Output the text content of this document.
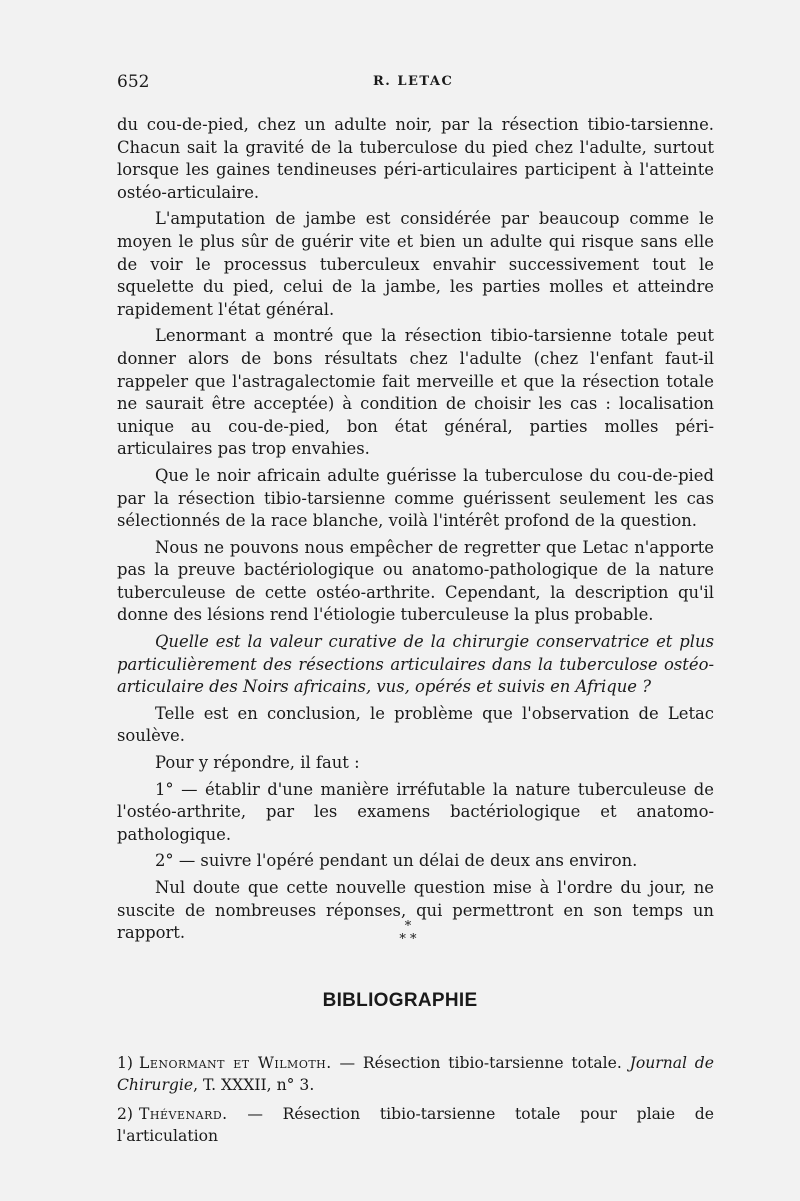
652	R. LETAC

du cou-de-pied, chez un adulte noir, par la résection tibio-tarsienne. Chacun sait la gravité de la tuberculose du pied chez l'adulte, surtout lorsque les gaines tendineuses péri-articulaires participent à l'atteinte ostéo-articulaire.

L'amputation de jambe est considérée par beaucoup comme le moyen le plus sûr de guérir vite et bien un adulte qui risque sans elle de voir le processus tuberculeux envahir successivement tout le squelette du pied, celui de la jambe, les parties molles et atteindre rapidement l'état général.

Lenormant a montré que la résection tibio-tarsienne totale peut donner alors de bons résultats chez l'adulte (chez l'enfant faut-il rappeler que l'astragalectomie fait merveille et que la résection totale ne saurait être acceptée) à condition de choisir les cas : localisation unique au cou-de-pied, bon état général, parties molles péri-articulaires pas trop envahies.

Que le noir africain adulte guérisse la tuberculose du cou-de-pied par la résection tibio-tarsienne comme guérissent seulement les cas sélectionnés de la race blanche, voilà l'intérêt profond de la question.

Nous ne pouvons nous empêcher de regretter que Letac n'apporte pas la preuve bactériologique ou anatomo-pathologique de la nature tuberculeuse de cette ostéo-arthrite. Cependant, la description qu'il donne des lésions rend l'étiologie tuberculeuse la plus probable.

Quelle est la valeur curative de la chirurgie conservatrice et plus particulièrement des résections articulaires dans la tuberculose ostéo-articulaire des Noirs africains, vus, opérés et suivis en Afrique ?

Telle est en conclusion, le problème que l'observation de Letac soulève.

Pour y répondre, il faut :

1° — établir d'une manière irréfutable la nature tuberculeuse de l'ostéo-arthrite, par les examens bactériologique et anatomo-pathologique.

2° — suivre l'opéré pendant un délai de deux ans environ.

Nul doute que cette nouvelle question mise à l'ordre du jour, ne suscite de nombreuses réponses, qui permettront en son temps un rapport.	*
* *
BIBLIOGRAPHIE

1) Lenormant et Wilmoth. — Résection tibio-tarsienne totale. Journal de Chirurgie, T. XXXII, n° 3.

2) Thévenard. — Résection tibio-tarsienne totale pour plaie de l'articulation
